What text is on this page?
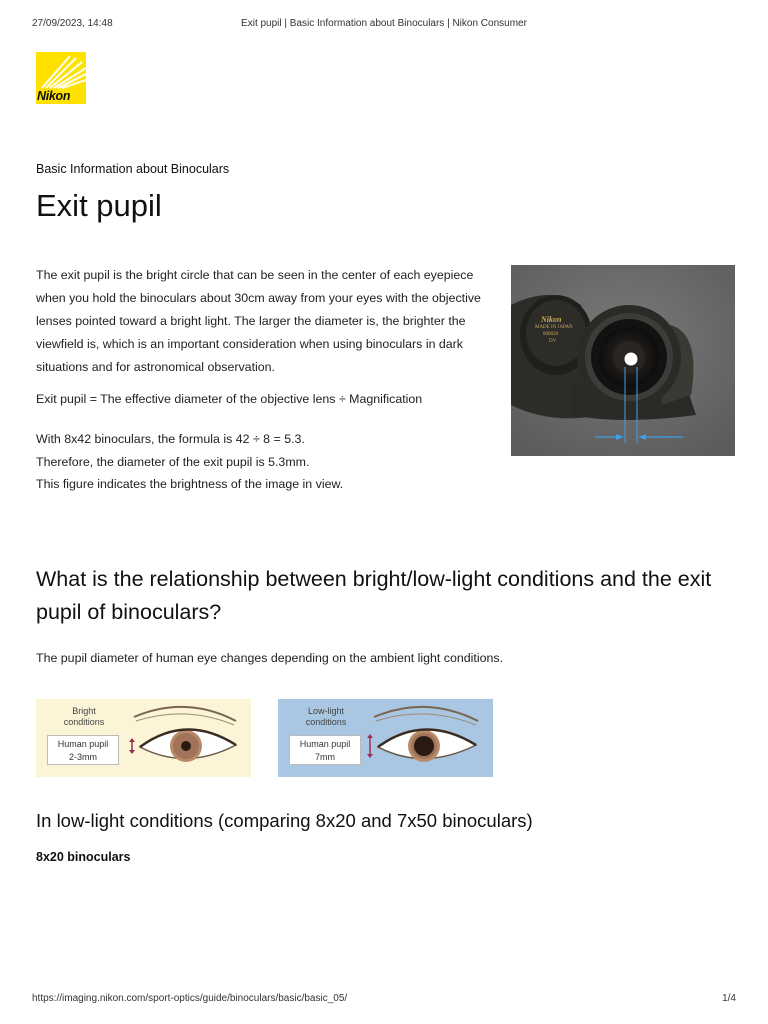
27/09/2023, 14:48	Exit pupil | Basic Information about Binoculars | Nikon Consumer
Nikon
Basic Information about Binoculars
Exit pupil

The exit pupil is the bright circle that can be seen in the center of each eyepiece when you hold the binoculars about 30cm away from your eyes with the objective lenses pointed toward a bright light. The larger the diameter is, the brighter the viewfield is, which is an important consideration when using binoculars in dark situations and for astronomical observation.

Exit pupil = The effective diameter of the objective lens ÷ Magnification

With 8x42 binoculars, the formula is 42 ÷ 8 = 5.3.
Therefore, the diameter of the exit pupil is 5.3mm.
This figure indicates the brightness of the image in view.
Nikon
MADE IN JAPAN
000820
DV
What is the relationship between bright/low-light conditions and the exit pupil of binoculars?

The pupil diameter of human eye changes depending on the ambient light conditions.

Bright
conditions
Human pupil
2-3mm
Low-light
conditions
Human pupil
7mm
In low-light conditions (comparing 8x20 and 7x50 binoculars)
8x20 binoculars
https://imaging.nikon.com/sport-optics/guide/binoculars/basic/basic_05/	1/4
